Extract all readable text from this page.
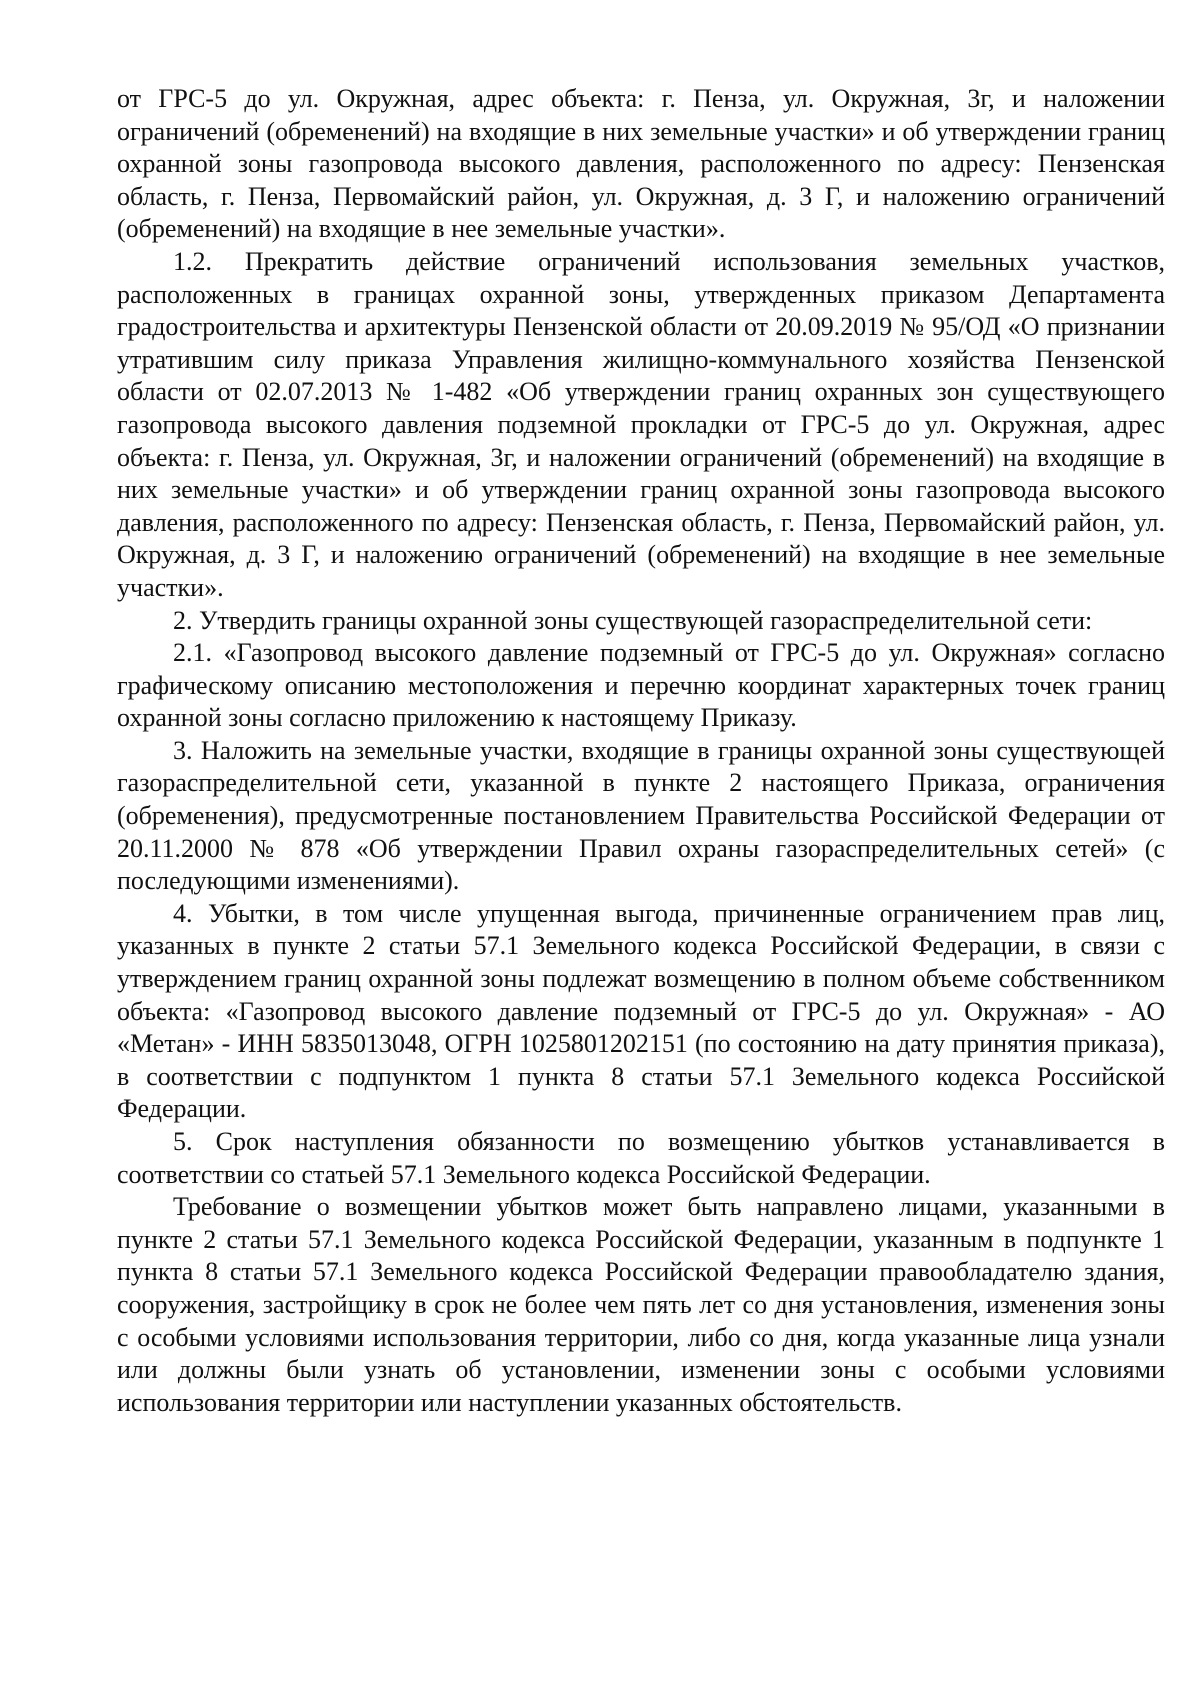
от ГРС-5 до ул. Окружная, адрес объекта: г. Пенза, ул. Окружная, 3г, и наложении ограничений (обременений) на входящие в них земельные участки» и об утверждении границ охранной зоны газопровода высокого давления, расположенного по адресу: Пензенская область, г. Пенза, Первомайский район, ул. Окружная, д. 3 Г, и наложению ограничений (обременений) на входящие в нее земельные участки».

1.2. Прекратить действие ограничений использования земельных участков, расположенных в границах охранной зоны, утвержденных приказом Департамента градостроительства и архитектуры Пензенской области от 20.09.2019 № 95/ОД «О признании утратившим силу приказа Управления жилищно-коммунального хозяйства Пензенской области от 02.07.2013 № 1-482 «Об утверждении границ охранных зон существующего газопровода высокого давления подземной прокладки от ГРС-5 до ул. Окружная, адрес объекта: г. Пенза, ул. Окружная, 3г, и наложении ограничений (обременений) на входящие в них земельные участки» и об утверждении границ охранной зоны газопровода высокого давления, расположенного по адресу: Пензенская область, г. Пенза, Первомайский район, ул. Окружная, д. 3 Г, и наложению ограничений (обременений) на входящие в нее земельные участки».

2. Утвердить границы охранной зоны существующей газораспределительной сети:

2.1. «Газопровод высокого давление подземный от ГРС-5 до ул. Окружная» согласно графическому описанию местоположения и перечню координат характерных точек границ охранной зоны согласно приложению к настоящему Приказу.

3. Наложить на земельные участки, входящие в границы охранной зоны существующей газораспределительной сети, указанной в пункте 2 настоящего Приказа, ограничения (обременения), предусмотренные постановлением Правительства Российской Федерации от 20.11.2000 № 878 «Об утверждении Правил охраны газораспределительных сетей» (с последующими изменениями).

4. Убытки, в том числе упущенная выгода, причиненные ограничением прав лиц, указанных в пункте 2 статьи 57.1 Земельного кодекса Российской Федерации, в связи с утверждением границ охранной зоны подлежат возмещению в полном объеме собственником объекта: «Газопровод высокого давление подземный от ГРС-5 до ул. Окружная» - АО «Метан» - ИНН 5835013048, ОГРН 1025801202151 (по состоянию на дату принятия приказа), в соответствии с подпунктом 1 пункта 8 статьи 57.1 Земельного кодекса Российской Федерации.

5. Срок наступления обязанности по возмещению убытков устанавливается в соответствии со статьей 57.1 Земельного кодекса Российской Федерации.

Требование о возмещении убытков может быть направлено лицами, указанными в пункте 2 статьи 57.1 Земельного кодекса Российской Федерации, указанным в подпункте 1 пункта 8 статьи 57.1 Земельного кодекса Российской Федерации правообладателю здания, сооружения, застройщику в срок не более чем пять лет со дня установления, изменения зоны с особыми условиями использования территории, либо со дня, когда указанные лица узнали или должны были узнать об установлении, изменении зоны с особыми условиями использования территории или наступлении указанных обстоятельств.
